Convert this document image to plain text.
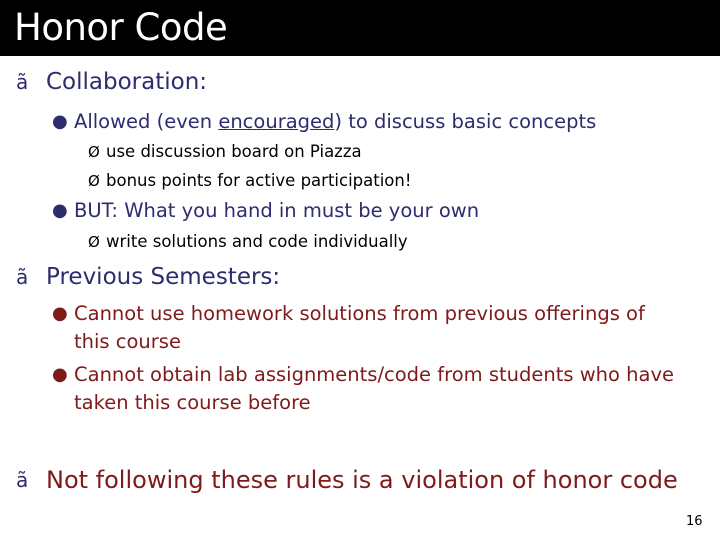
Honor Code
ã Collaboration:
● Allowed (even encouraged) to discuss basic concepts
Ø use discussion board on Piazza
Ø bonus points for active participation!
● BUT: What you hand in must be your own
Ø write solutions and code individually
ã Previous Semesters:
● Cannot use homework solutions from previous offerings of
this course
● Cannot obtain lab assignments/code from students who have
taken this course before
ã Not following these rules is a violation of honor code
16
